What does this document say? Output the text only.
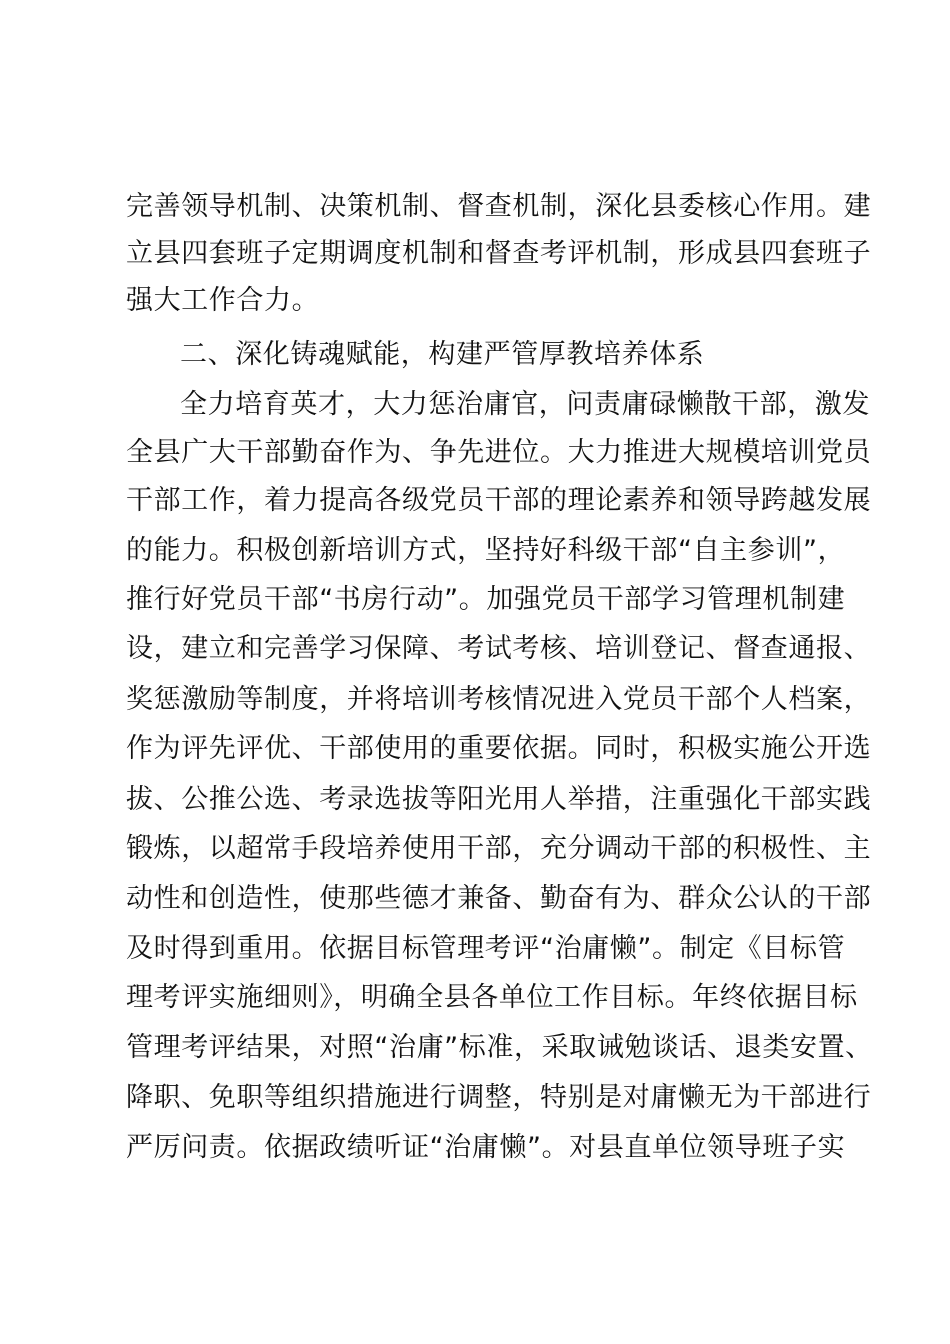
完善领导机制、决策机制、督查机制，深化县委核心作用。建
立县四套班子定期调度机制和督查考评机制，形成县四套班子
强大工作合力。
二、深化铸魂赋能，构建严管厚教培养体系
全力培育英才，大力惩治庸官，问责庸碌懒散干部，激发
全县广大干部勤奋作为、争先进位。大力推进大规模培训党员
干部工作，着力提高各级党员干部的理论素养和领导跨越发展
的能力。积极创新培训方式，坚持好科级干部“自主参训”，
推行好党员干部“书房行动”。加强党员干部学习管理机制建
设，建立和完善学习保障、考试考核、培训登记、督查通报、
奖惩激励等制度，并将培训考核情况进入党员干部个人档案，
作为评先评优、干部使用的重要依据。同时，积极实施公开选
拔、公推公选、考录选拔等阳光用人举措，注重强化干部实践
锻炼，以超常手段培养使用干部，充分调动干部的积极性、主
动性和创造性，使那些德才兼备、勤奋有为、群众公认的干部
及时得到重用。依据目标管理考评“治庸懒”。制定《目标管
理考评实施细则》，明确全县各单位工作目标。年终依据目标
管理考评结果，对照“治庸”标准，采取诫勉谈话、退类安置、
降职、免职等组织措施进行调整，特别是对庸懒无为干部进行
严厉问责。依据政绩听证“治庸懒”。对县直单位领导班子实
